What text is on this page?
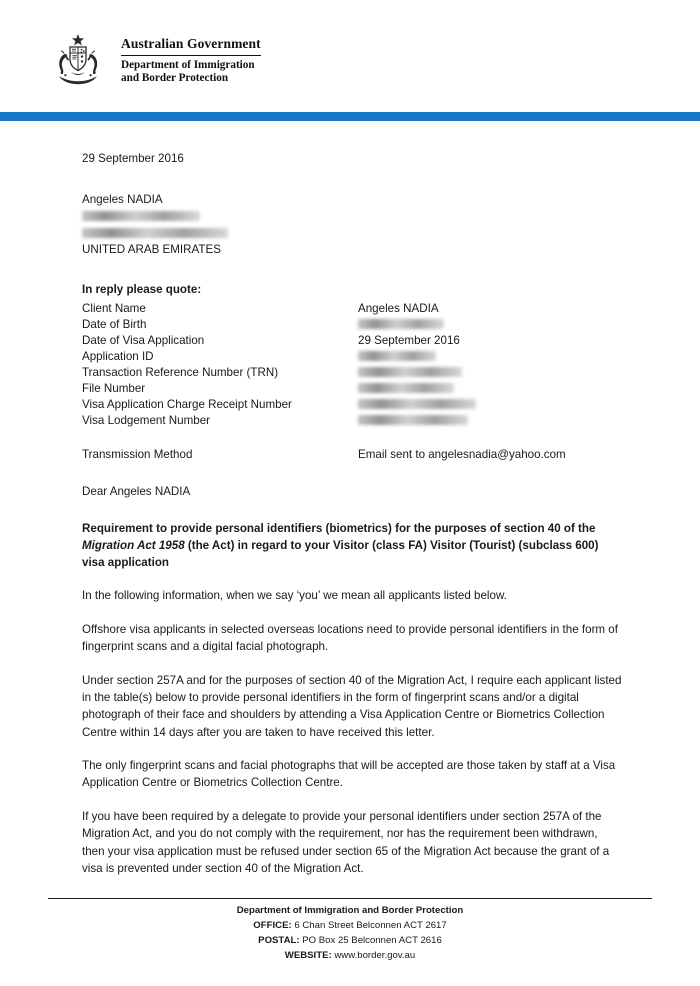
Australian Government
Department of Immigration
and Border Protection
29 September 2016
Angeles NADIA
UNITED ARAB EMIRATES
In reply please quote:
Client Name	Angeles NADIA
Date of Birth	
Date of Visa Application	29 September 2016
Application ID	
Transaction Reference Number (TRN)	
File Number	
Visa Application Charge Receipt Number	
Visa Lodgement Number	
Transmission Method	Email sent to angelesnadia@yahoo.com
Dear Angeles NADIA
Requirement to provide personal identifiers (biometrics) for the purposes of section 40 of the Migration Act 1958 (the Act) in regard to your Visitor (class FA) Visitor (Tourist) (subclass 600) visa application

In the following information, when we say ‘you’ we mean all applicants listed below.

Offshore visa applicants in selected overseas locations need to provide personal identifiers in the form of fingerprint scans and a digital facial photograph.

Under section 257A and for the purposes of section 40 of the Migration Act, I require each applicant listed in the table(s) below to provide personal identifiers in the form of fingerprint scans and/or a digital photograph of their face and shoulders by attending a Visa Application Centre or Biometrics Collection Centre within 14 days after you are taken to have received this letter.

The only fingerprint scans and facial photographs that will be accepted are those taken by staff at a Visa Application Centre or Biometrics Collection Centre.

If you have been required by a delegate to provide your personal identifiers under section 257A of the Migration Act, and you do not comply with the requirement, nor has the requirement been withdrawn, then your visa application must be refused under section 65 of the Migration Act because the grant of a visa is prevented under section 40 of the Migration Act.

Department of Immigration and Border Protection
OFFICE: 6 Chan Street Belconnen ACT 2617
POSTAL: PO Box 25 Belconnen ACT 2616
WEBSITE: www.border.gov.au
